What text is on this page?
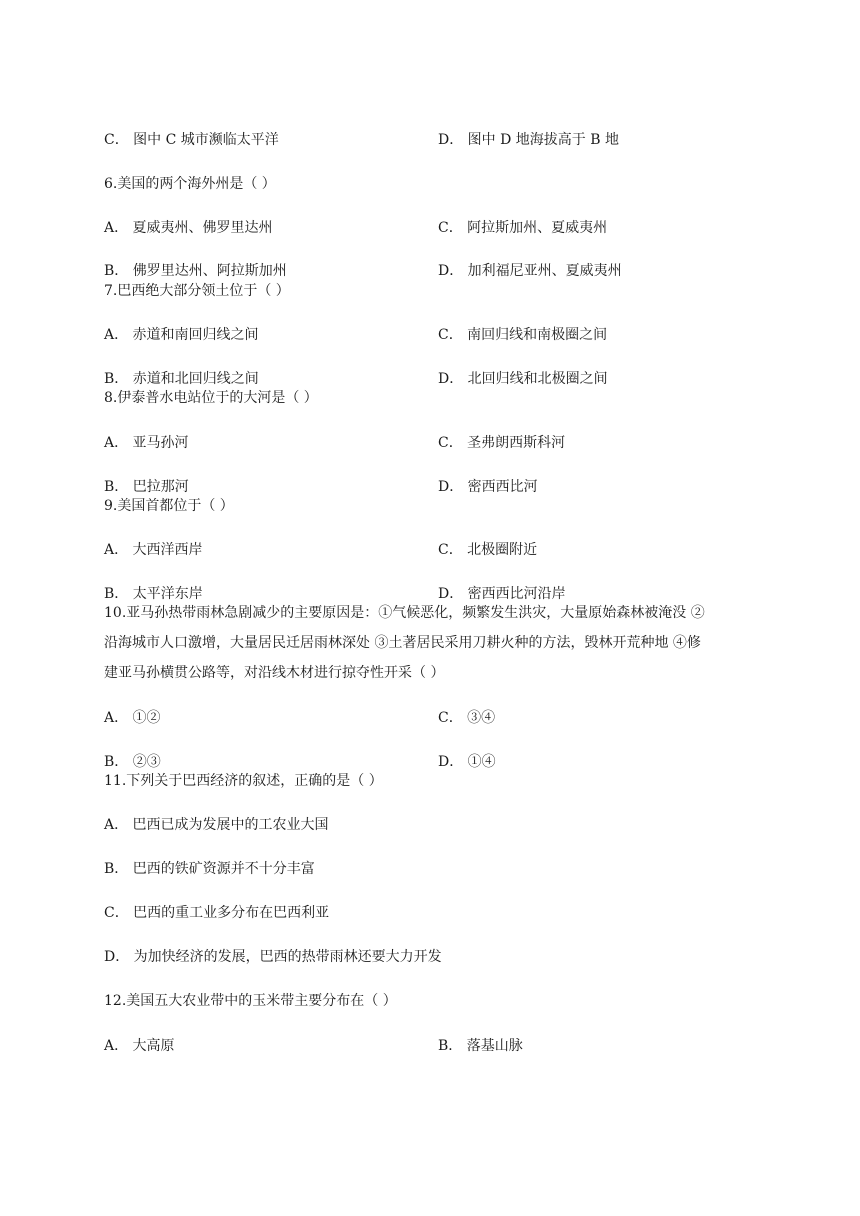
C． 图中 C 城市濒临太平洋	D． 图中 D 地海拔高于 B 地
6.美国的两个海外州是（ ）
A． 夏威夷州、佛罗里达州	C． 阿拉斯加州、夏威夷州
B． 佛罗里达州、阿拉斯加州	D． 加利福尼亚州、夏威夷州
7.巴西绝大部分领土位于（ ）
A． 赤道和南回归线之间	C． 南回归线和南极圈之间
B． 赤道和北回归线之间	D． 北回归线和北极圈之间
8.伊泰普水电站位于的大河是（ ）
A． 亚马孙河	C． 圣弗朗西斯科河
B． 巴拉那河	D． 密西西比河
9.美国首都位于（ ）
A． 大西洋西岸	C． 北极圈附近
B． 太平洋东岸	D． 密西西比河沿岸
10.亚马孙热带雨林急剧减少的主要原因是：①气候恶化，频繁发生洪灾，大量原始森林被淹没 ②
沿海城市人口激增，大量居民迁居雨林深处 ③土著居民采用刀耕火种的方法，毁林开荒种地 ④修
建亚马孙横贯公路等，对沿线木材进行掠夺性开采（ ）
A． ①②	C． ③④
B． ②③	D． ①④
11.下列关于巴西经济的叙述，正确的是（ ）
A． 巴西已成为发展中的工农业大国
B． 巴西的铁矿资源并不十分丰富
C． 巴西的重工业多分布在巴西利亚
D． 为加快经济的发展，巴西的热带雨林还要大力开发
12.美国五大农业带中的玉米带主要分布在（ ）
A． 大高原	B． 落基山脉
